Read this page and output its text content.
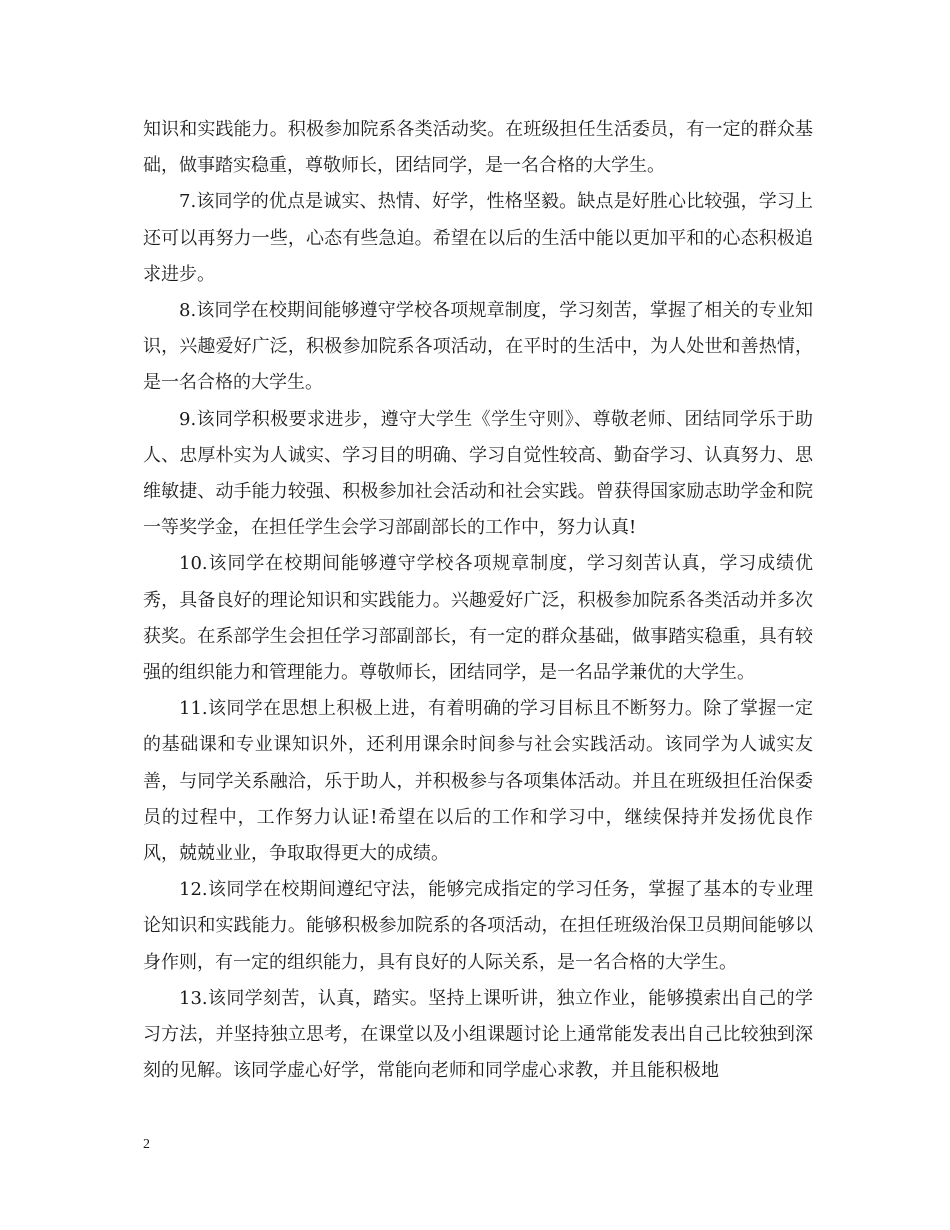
知识和实践能力。积极参加院系各类活动奖。在班级担任生活委员，有一定的群众基础，做事踏实稳重，尊敬师长，团结同学，是一名合格的大学生。

7.该同学的优点是诚实、热情、好学，性格坚毅。缺点是好胜心比较强，学习上还可以再努力一些，心态有些急迫。希望在以后的生活中能以更加平和的心态积极追求进步。

8.该同学在校期间能够遵守学校各项规章制度，学习刻苦，掌握了相关的专业知识，兴趣爱好广泛，积极参加院系各项活动，在平时的生活中，为人处世和善热情，是一名合格的大学生。

9.该同学积极要求进步，遵守大学生《学生守则》、尊敬老师、团结同学乐于助人、忠厚朴实为人诚实、学习目的明确、学习自觉性较高、勤奋学习、认真努力、思维敏捷、动手能力较强、积极参加社会活动和社会实践。曾获得国家励志助学金和院一等奖学金，在担任学生会学习部副部长的工作中，努力认真!

10.该同学在校期间能够遵守学校各项规章制度，学习刻苦认真，学习成绩优秀，具备良好的理论知识和实践能力。兴趣爱好广泛，积极参加院系各类活动并多次获奖。在系部学生会担任学习部副部长，有一定的群众基础，做事踏实稳重，具有较强的组织能力和管理能力。尊敬师长，团结同学，是一名品学兼优的大学生。

11.该同学在思想上积极上进，有着明确的学习目标且不断努力。除了掌握一定的基础课和专业课知识外，还利用课余时间参与社会实践活动。该同学为人诚实友善，与同学关系融洽，乐于助人，并积极参与各项集体活动。并且在班级担任治保委员的过程中，工作努力认证!希望在以后的工作和学习中，继续保持并发扬优良作风，兢兢业业，争取取得更大的成绩。

12.该同学在校期间遵纪守法，能够完成指定的学习任务，掌握了基本的专业理论知识和实践能力。能够积极参加院系的各项活动，在担任班级治保卫员期间能够以身作则，有一定的组织能力，具有良好的人际关系，是一名合格的大学生。

13.该同学刻苦，认真，踏实。坚持上课听讲，独立作业，能够摸索出自己的学习方法，并坚持独立思考，在课堂以及小组课题讨论上通常能发表出自己比较独到深刻的见解。该同学虚心好学，常能向老师和同学虚心求教，并且能积极地

2
